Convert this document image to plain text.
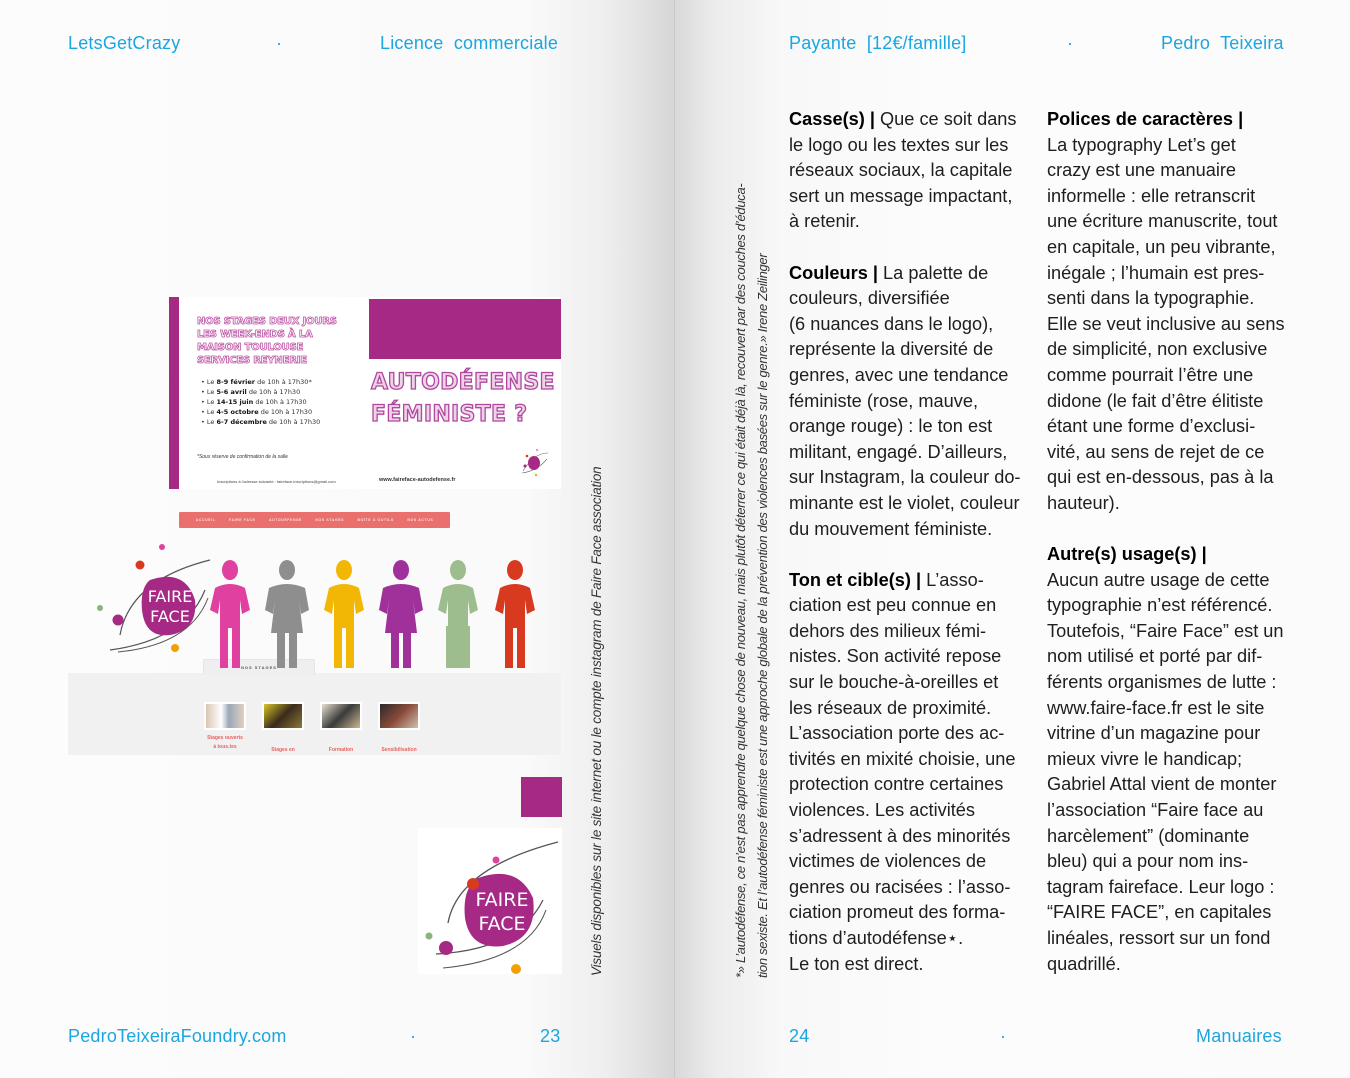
LetsGetCrazy	·	Licence  commerciale
NOS STAGES DEUX JOURS
LES WEEK-ENDS À LA
MAISON TOULOUSE
SERVICES REYNERIE
• Le 8-9 février de 10h à 17h30*
• Le 5-6 avril de 10h à 17h30
• Le 14-15 juin de 10h à 17h30
• Le 4-5 octobre de 10h à 17h30
• Le 6-7 décembre de 10h à 17h30
*Sous réserve de confirmation de la salle
Inscriptions à l'adresse suivante : faireface.inscriptions@gmail.com
AUTODÉFENSE
FÉMINISTE ?
www.faireface-autodefense.fr
ACCUEIL	FAIRE FACE	AUTODÉFENSE	NOS STAGES	BOÎTE À OUTILS	NOS ACTUS
NOS STAGES
FAIRE
FACE
Stages ouverts
à tous.tes	Stages en	Formation	Sensibilisation
FAIRE
FACE	Visuels disponibles sur le site internet ou le compte instagram de Faire Face association
PedroTeixeiraFoundry.com	·	23
Payante  [12€/famille]	·	Pedro  Teixeira
*» L’autodéfense, ce n’est pas apprendre quelque chose de nouveau, mais plutôt déterrer ce qui était déjà là, recouvert par des couches d’éduca- tion sexiste. Et l’autodéfense féministe est une approche globale de la prévention des violences basées sur le genre.» Irene Zeilinger

Casse(s) | Que ce soit dans
le logo ou les textes sur les
réseaux sociaux, la capitale
sert un message impactant,
à retenir.

Couleurs | La palette de
couleurs, diversifiée
(6 nuances dans le logo),
représente la diversité de
genres, avec une tendance
féministe (rose, mauve,
orange rouge) : le ton est
militant, engagé. D’ailleurs,
sur Instagram, la couleur do-
minante est le violet, couleur
du mouvement féministe.

Ton et cible(s) | L’asso-
ciation est peu connue en
dehors des milieux fémi-
nistes. Son activité repose
sur le bouche-à-oreilles et
les réseaux de proximité.
L’association porte des ac-
tivités en mixité choisie, une
protection contre certaines
violences. Les activités
s’adressent à des minorités
victimes de violences de
genres ou racisées : l’asso-
ciation promeut des forma-
tions d’autodéfense⋆.
Le ton est direct.

Polices de caractères |
La typography Let’s get
crazy est une manuaire
informelle : elle retranscrit
une écriture manuscrite, tout
en capitale, un peu vibrante,
inégale ; l’humain est pres-
senti dans la typographie.
Elle se veut inclusive au sens
de simplicité, non exclusive
comme pourrait l’être une
didone (le fait d’être élitiste
étant une forme d’exclusi-
vité, au sens de rejet de ce
qui est en-dessous, pas à la
hauteur).

Autre(s) usage(s) |
Aucun autre usage de cette
typographie n’est référencé.
Toutefois, “Faire Face” est un
nom utilisé et porté par dif-
férents organismes de lutte :
www.faire-face.fr est le site
vitrine d’un magazine pour
mieux vivre le handicap;
Gabriel Attal vient de monter
l’association “Faire face au
harcèlement” (dominante
bleu) qui a pour nom ins-
tagram faireface. Leur logo :
“FAIRE FACE”, en capitales
linéales, ressort sur un fond
quadrillé.

24	·	Manuaires
